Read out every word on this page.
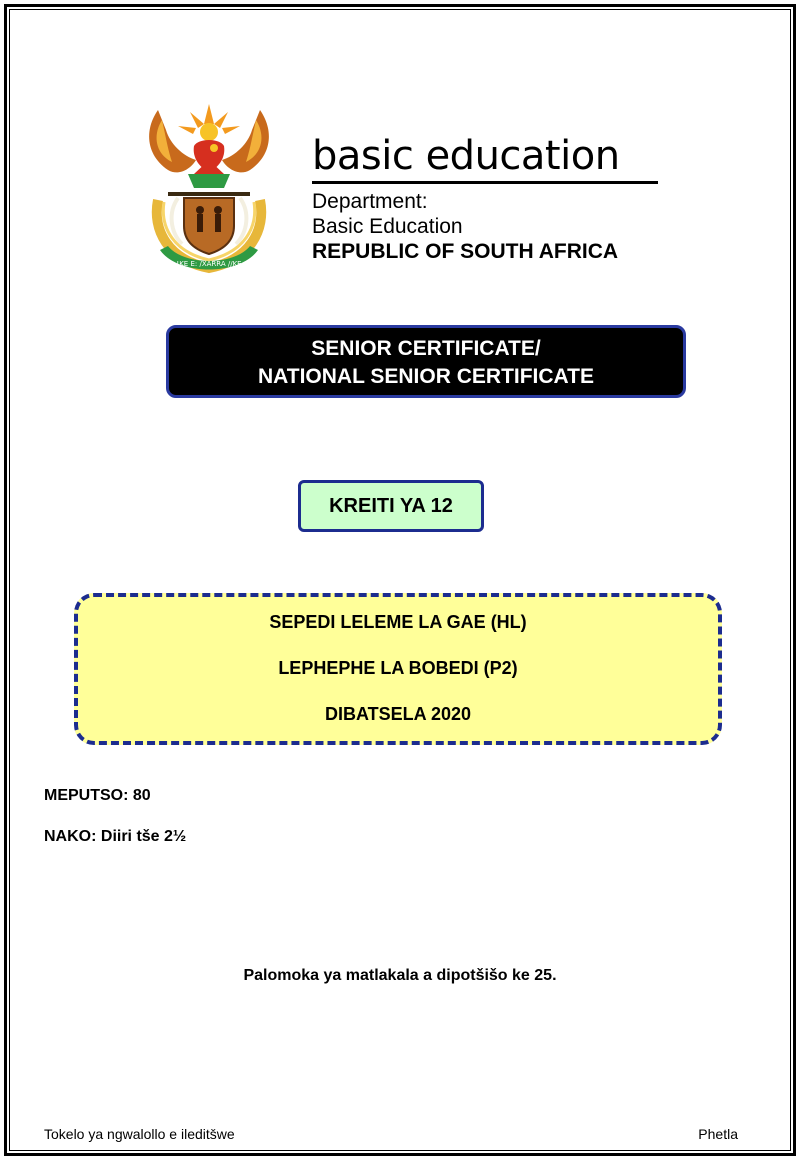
!KE E: /XARRA //KE
basic education
Department:
Basic Education
REPUBLIC OF SOUTH AFRICA
SENIOR CERTIFICATE/
NATIONAL SENIOR CERTIFICATE
KREITI YA 12
SEPEDI LELEME LA GAE (HL)
LEPHEPHE LA BOBEDI (P2)
DIBATSELA 2020
MEPUTSO: 80
NAKO: Diiri tše 2½
Palomoka ya matlakala a dipotšišo ke 25.
Tokelo ya ngwalollo e ileditšwe	Phetla
